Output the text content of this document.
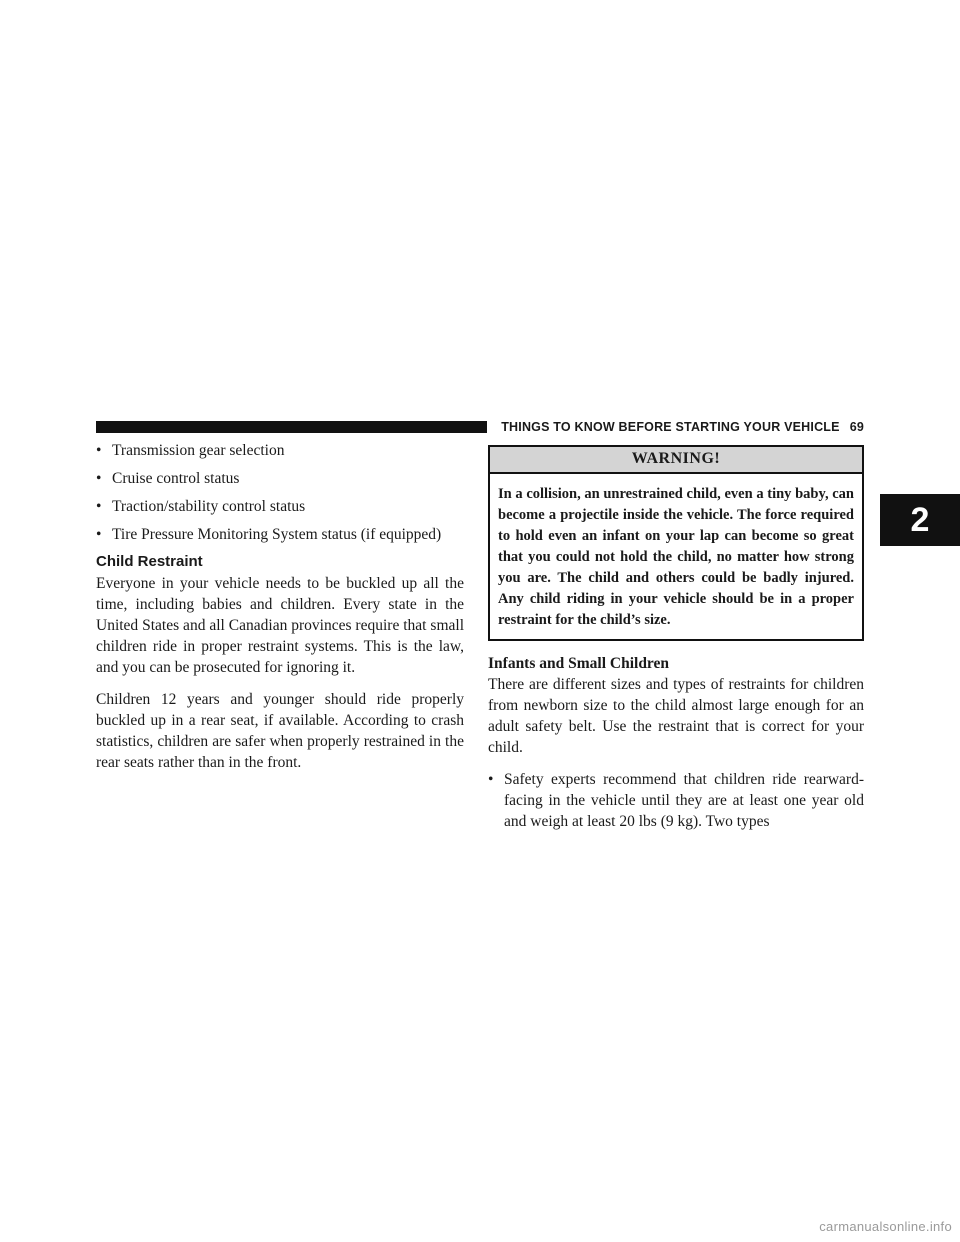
THINGS TO KNOW BEFORE STARTING YOUR VEHICLE 69
2
• Transmission gear selection
• Cruise control status
• Traction/stability control status
• Tire Pressure Monitoring System status (if equipped)
Child Restraint

Everyone in your vehicle needs to be buckled up all the time, including babies and children. Every state in the United States and all Canadian provinces require that small children ride in proper restraint systems. This is the law, and you can be prosecuted for ignoring it.

Children 12 years and younger should ride properly buckled up in a rear seat, if available. According to crash statistics, children are safer when properly restrained in the rear seats rather than in the front.

WARNING!
In a collision, an unrestrained child, even a tiny baby, can become a projectile inside the vehicle. The force required to hold even an infant on your lap can become so great that you could not hold the child, no matter how strong you are. The child and others could be badly injured. Any child riding in your vehicle should be in a proper restraint for the child’s size.
Infants and Small Children

There are different sizes and types of restraints for children from newborn size to the child almost large enough for an adult safety belt. Use the restraint that is correct for your child.

• Safety experts recommend that children ride rearward-facing in the vehicle until they are at least one year old and weigh at least 20 lbs (9 kg). Two types

carmanualsonline.info
